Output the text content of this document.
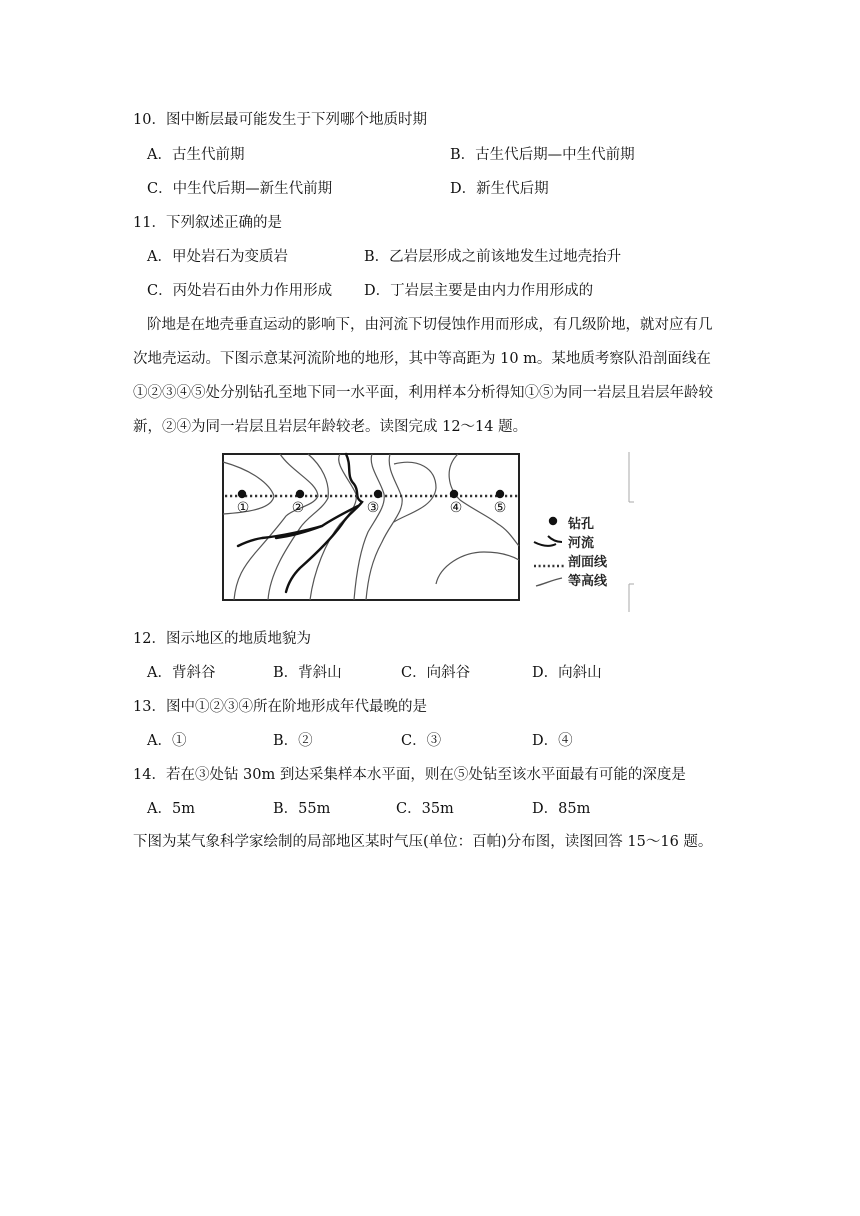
10．图中断层最可能发生于下列哪个地质时期
A．古生代前期	B．古生代后期—中生代前期
C．中生代后期—新生代前期	D．新生代后期
11．下列叙述正确的是
A．甲处岩石为变质岩	B．乙岩层形成之前该地发生过地壳抬升
C．丙处岩石由外力作用形成 D．丁岩层主要是由内力作用形成的
阶地是在地壳垂直运动的影响下，由河流下切侵蚀作用而形成，有几级阶地，就对应有几
次地壳运动。下图示意某河流阶地的地形，其中等高距为 10 m。某地质考察队沿剖面线在
①②③④⑤处分别钻孔至地下同一水平面，利用样本分析得知①⑤为同一岩层且岩层年龄较
新，②④为同一岩层且岩层年龄较老。读图完成 12～14 题。
①	②	③	④ ⑤
钻孔
河流
剖面线
等高线
12．图示地区的地质地貌为
A．背斜谷	B．背斜山	C．向斜谷	D．向斜山
13．图中①②③④所在阶地形成年代最晚的是
A．①	B．②	C．③	D．④
14．若在③处钻 30m 到达采集样本水平面，则在⑤处钻至该水平面最有可能的深度是
A．5m	B．55m	C．35m	D．85m
下图为某气象科学家绘制的局部地区某时气压(单位：百帕)分布图，读图回答 15～16 题。
